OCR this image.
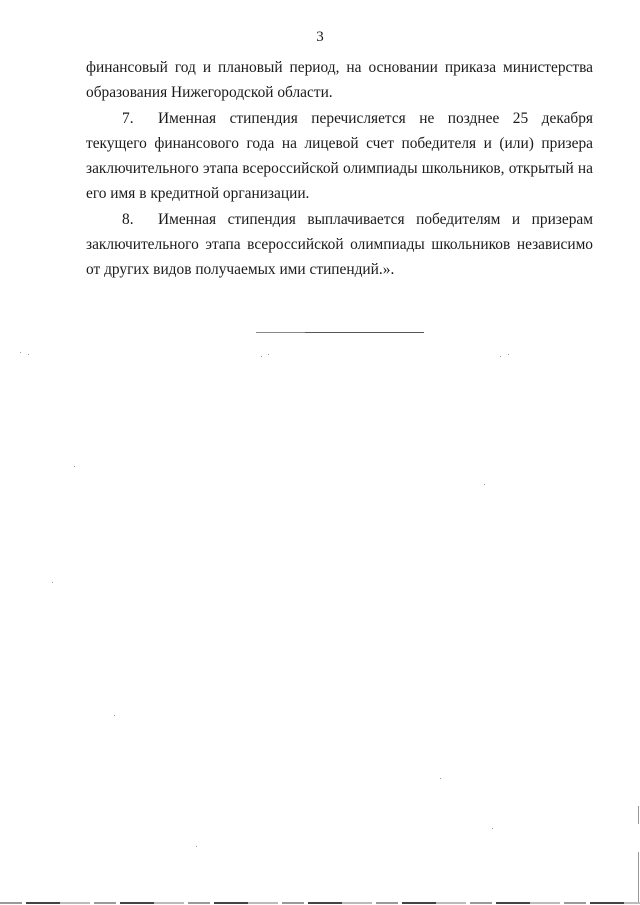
3

финансовый год и плановый период, на основании приказа министерства образования Нижегородской области.

7. Именная стипендия перечисляется не позднее 25 декабря текущего финансового года на лицевой счет победителя и (или) призера заключительного этапа всероссийской олимпиады школьников, открытый на его имя в кредитной организации.

8. Именная стипендия выплачивается победителям и призерам заключительного этапа всероссийской олимпиады школьников независимо от других видов получаемых ими стипендий.».
